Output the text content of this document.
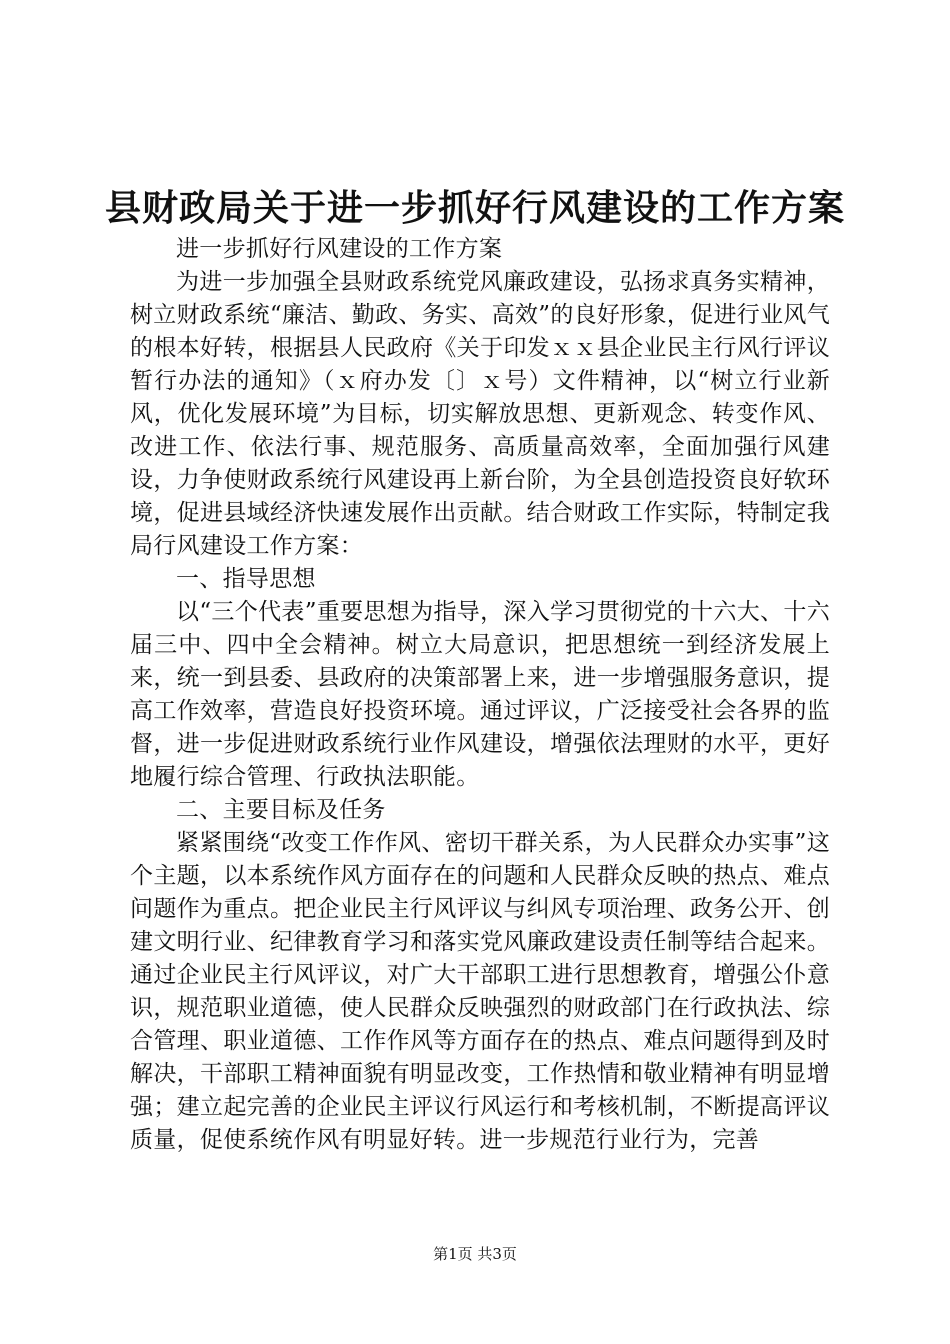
县财政局关于进一步抓好行风建设的工作方案

进一步抓好行风建设的工作方案

为进一步加强全县财政系统党风廉政建设，弘扬求真务实精神，树立财政系统“廉洁、勤政、务实、高效”的良好形象，促进行业风气的根本好转，根据县人民政府《关于印发ｘｘ县企业民主行风行评议暂行办法的通知》（ｘ府办发〔〕ｘ号）文件精神，以“树立行业新风，优化发展环境”为目标，切实解放思想、更新观念、转变作风、改进工作、依法行事、规范服务、高质量高效率，全面加强行风建设，力争使财政系统行风建设再上新台阶，为全县创造投资良好软环境，促进县域经济快速发展作出贡献。结合财政工作实际，特制定我局行风建设工作方案：

一、指导思想

以“三个代表”重要思想为指导，深入学习贯彻党的十六大、十六届三中、四中全会精神。树立大局意识，把思想统一到经济发展上来，统一到县委、县政府的决策部署上来，进一步增强服务意识，提高工作效率，营造良好投资环境。通过评议，广泛接受社会各界的监督，进一步促进财政系统行业作风建设，增强依法理财的水平，更好地履行综合管理、行政执法职能。

二、主要目标及任务

紧紧围绕“改变工作作风、密切干群关系，为人民群众办实事”这个主题，以本系统作风方面存在的问题和人民群众反映的热点、难点问题作为重点。把企业民主行风评议与纠风专项治理、政务公开、创建文明行业、纪律教育学习和落实党风廉政建设责任制等结合起来。通过企业民主行风评议，对广大干部职工进行思想教育，增强公仆意识，规范职业道德，使人民群众反映强烈的财政部门在行政执法、综合管理、职业道德、工作作风等方面存在的热点、难点问题得到及时解决，干部职工精神面貌有明显改变，工作热情和敬业精神有明显增强；建立起完善的企业民主评议行风运行和考核机制，不断提高评议质量，促使系统作风有明显好转。进一步规范行业行为，完善

第1页 共3页
